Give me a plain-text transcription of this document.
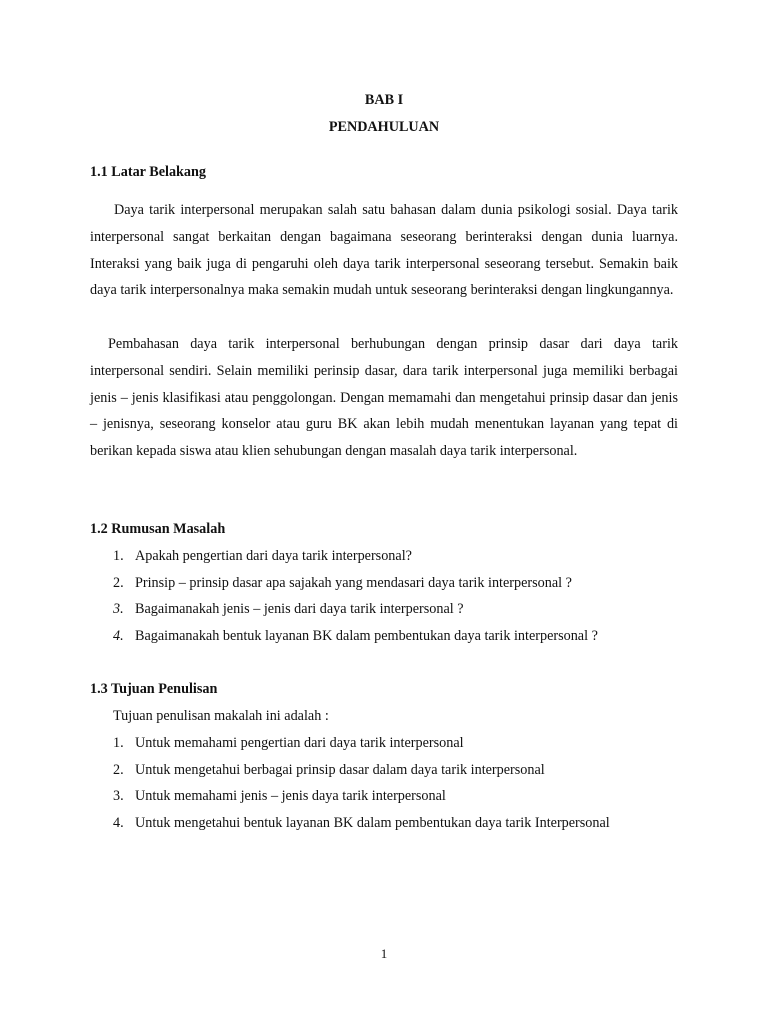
BAB I
PENDAHULUAN
1.1 Latar Belakang

Daya tarik interpersonal merupakan salah satu bahasan dalam dunia psikologi sosial. Daya tarik interpersonal sangat berkaitan dengan bagaimana seseorang berinteraksi dengan dunia luarnya. Interaksi yang baik juga di pengaruhi oleh daya tarik interpersonal seseorang tersebut. Semakin baik daya tarik interpersonalnya maka semakin mudah untuk seseorang berinteraksi dengan lingkungannya.

Pembahasan daya tarik interpersonal berhubungan dengan prinsip dasar dari daya tarik interpersonal sendiri. Selain memiliki perinsip dasar, dara tarik interpersonal juga memiliki berbagai jenis – jenis klasifikasi atau penggolongan. Dengan memamahi dan mengetahui prinsip dasar dan jenis – jenisnya, seseorang konselor atau guru BK akan lebih mudah menentukan layanan yang tepat di berikan kepada siswa atau klien sehubungan dengan masalah daya tarik interpersonal.

1.2 Rumusan Masalah
1. Apakah pengertian dari daya tarik interpersonal?
2. Prinsip – prinsip dasar apa sajakah yang mendasari daya tarik interpersonal ?
3. Bagaimanakah jenis – jenis dari daya tarik interpersonal ?
4. Bagaimanakah bentuk layanan BK dalam pembentukan daya tarik interpersonal ?
1.3 Tujuan Penulisan
Tujuan penulisan makalah ini adalah :
1. Untuk memahami pengertian dari daya tarik interpersonal
2. Untuk mengetahui berbagai prinsip dasar dalam daya tarik interpersonal
3. Untuk memahami jenis – jenis daya tarik interpersonal
4. Untuk mengetahui bentuk layanan BK dalam pembentukan daya tarik Interpersonal
1
